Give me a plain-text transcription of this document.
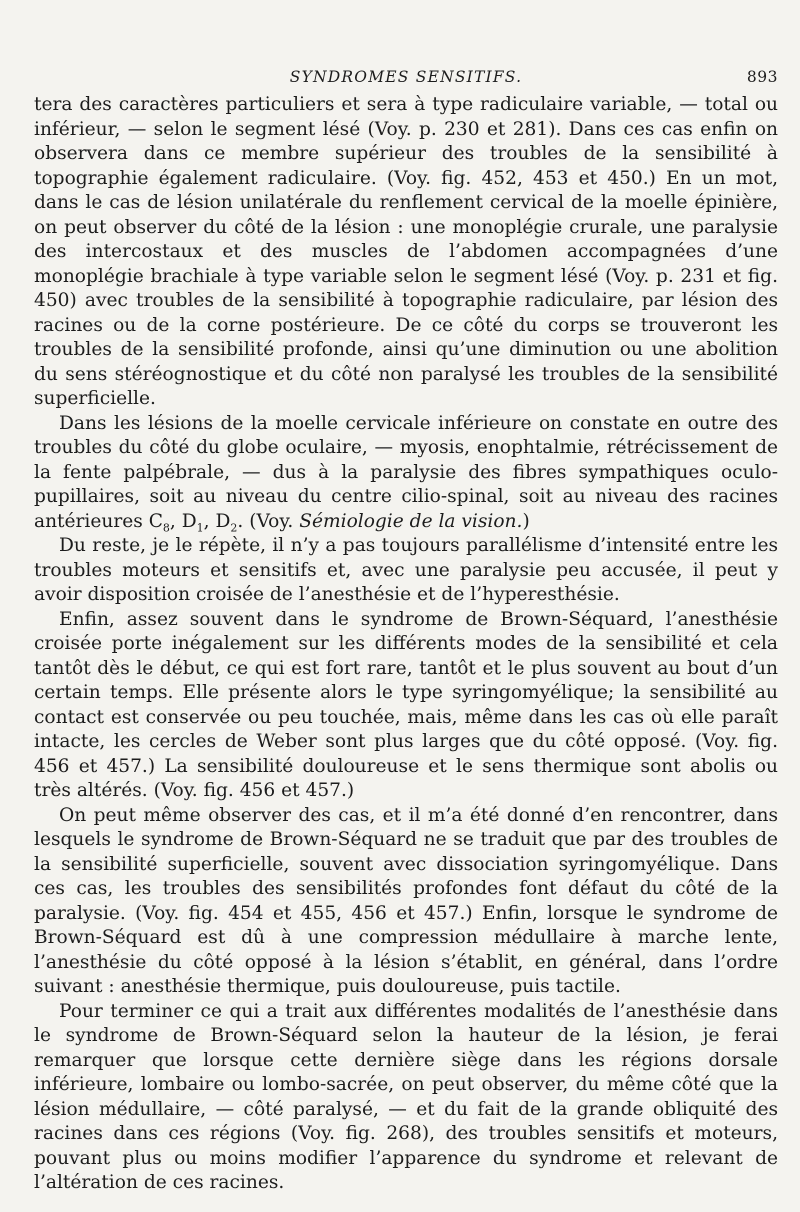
SYNDROMES SENSITIFS.	893

tera des caractères particuliers et sera à type radiculaire variable, — total ou inférieur, — selon le segment lésé (Voy. p. 230 et 281). Dans ces cas enfin on observera dans ce membre supérieur des troubles de la sensibilité à topographie également radiculaire. (Voy. fig. 452, 453 et 450.) En un mot, dans le cas de lésion unilatérale du renflement cervical de la moelle épinière, on peut observer du côté de la lésion : une monoplégie crurale, une paralysie des intercostaux et des muscles de l’abdomen accompagnées d’une monoplégie brachiale à type variable selon le segment lésé (Voy. p. 231 et fig. 450) avec troubles de la sensibilité à topographie radiculaire, par lésion des racines ou de la corne postérieure. De ce côté du corps se trouveront les troubles de la sensibilité profonde, ainsi qu’une diminution ou une abolition du sens stéréognostique et du côté non paralysé les troubles de la sensibilité superficielle.

Dans les lésions de la moelle cervicale inférieure on constate en outre des troubles du côté du globe oculaire, — myosis, enophtalmie, rétrécissement de la fente palpébrale, — dus à la paralysie des fibres sympathiques oculo-pupillaires, soit au niveau du centre cilio-spinal, soit au niveau des racines antérieures $C_8$, $D_1$, $D_2$. (Voy. Sémiologie de la vision.)

Du reste, je le répète, il n’y a pas toujours parallélisme d’intensité entre les troubles moteurs et sensitifs et, avec une paralysie peu accusée, il peut y avoir disposition croisée de l’anesthésie et de l’hyperesthésie.

Enfin, assez souvent dans le syndrome de Brown-Séquard, l’anesthésie croisée porte inégalement sur les différents modes de la sensibilité et cela tantôt dès le début, ce qui est fort rare, tantôt et le plus souvent au bout d’un certain temps. Elle présente alors le type syringomyélique; la sensibilité au contact est conservée ou peu touchée, mais, même dans les cas où elle paraît intacte, les cercles de Weber sont plus larges que du côté opposé. (Voy. fig. 456 et 457.) La sensibilité douloureuse et le sens thermique sont abolis ou très altérés. (Voy. fig. 456 et 457.)

On peut même observer des cas, et il m’a été donné d’en rencontrer, dans lesquels le syndrome de Brown-Séquard ne se traduit que par des troubles de la sensibilité superficielle, souvent avec dissociation syringomyélique. Dans ces cas, les troubles des sensibilités profondes font défaut du côté de la paralysie. (Voy. fig. 454 et 455, 456 et 457.) Enfin, lorsque le syndrome de Brown-Séquard est dû à une compression médullaire à marche lente, l’anesthésie du côté opposé à la lésion s’établit, en général, dans l’ordre suivant : anesthésie thermique, puis douloureuse, puis tactile.

Pour terminer ce qui a trait aux différentes modalités de l’anesthésie dans le syndrome de Brown-Séquard selon la hauteur de la lésion, je ferai remarquer que lorsque cette dernière siège dans les régions dorsale inférieure, lombaire ou lombo-sacrée, on peut observer, du même côté que la lésion médullaire, — côté paralysé, — et du fait de la grande obliquité des racines dans ces régions (Voy. fig. 268), des troubles sensitifs et moteurs, pouvant plus ou moins modifier l’apparence du syndrome et relevant de l’altération de ces racines.
